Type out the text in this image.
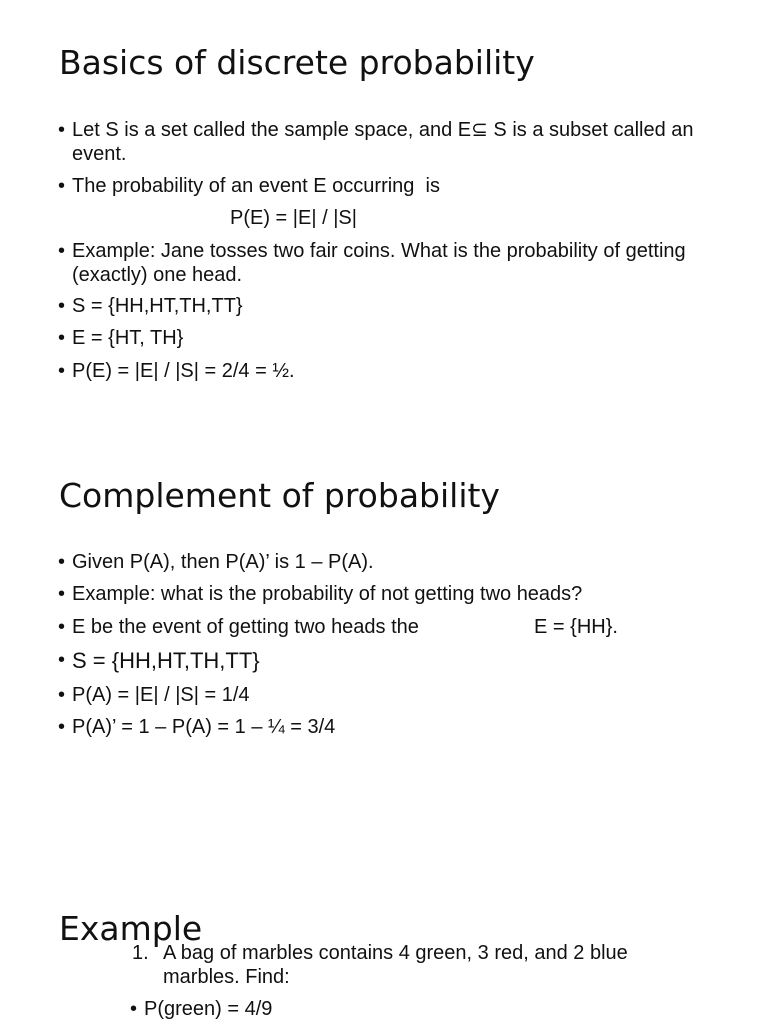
Basics of discrete probability
• Let S is a set called the sample space, and E⊆ S is a subset called an
event.
• The probability of an event E occurring  is
P(E) = |E| / |S|
• Example: Jane tosses two fair coins. What is the probability of getting
(exactly) one head.
• S = {HH,HT,TH,TT}
• E = {HT, TH}
• P(E) = |E| / |S| = 2/4 = ½.
Complement of probability
• Given P(A), then P(A)’ is 1 – P(A).
• Example: what is the probability of not getting two heads?
• E be the event of getting two heads the	E = {HH}.
• S = {HH,HT,TH,TT}
• P(A) = |E| / |S| = 1/4
• P(A)’ = 1 – P(A) = 1 – ¼ = 3/4
Example
1. A bag of marbles contains 4 green, 3 red, and 2 blue
marbles. Find:
• P(green) = 4/9
